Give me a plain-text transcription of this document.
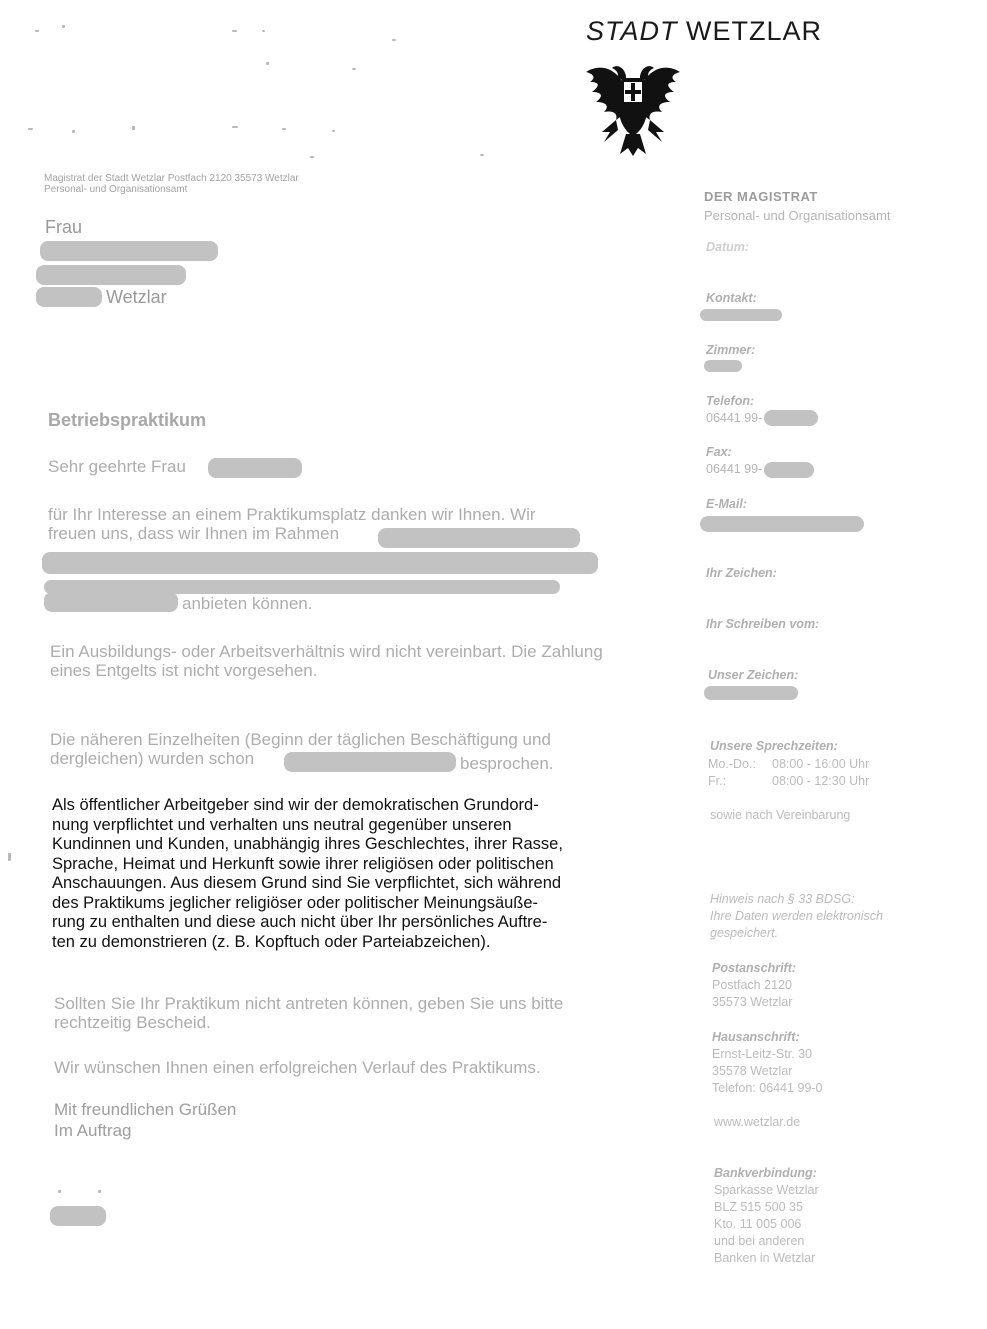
STADT WETZLAR
Magistrat der Stadt Wetzlar Postfach 2120 35573 Wetzlar
Personal- und Organisationsamt
Frau
Wetzlar
Betriebspraktikum
Sehr geehrte Frau
für Ihr Interesse an einem Praktikumsplatz danken wir Ihnen. Wir
freuen uns, dass wir Ihnen im Rahmen
anbieten können.
Ein Ausbildungs- oder Arbeitsverhältnis wird nicht vereinbart. Die Zahlung eines Entgelts ist nicht vorgesehen.
Die näheren Einzelheiten (Beginn der täglichen Beschäftigung und
dergleichen) wurden schon	besprochen.
Als öffentlicher Arbeitgeber sind wir der demokratischen Grundord-
nung verpflichtet und verhalten uns neutral gegenüber unseren
Kundinnen und Kunden, unabhängig ihres Geschlechtes, ihrer Rasse,
Sprache, Heimat und Herkunft sowie ihrer religiösen oder politischen
Anschauungen. Aus diesem Grund sind Sie verpflichtet, sich während
des Praktikums jeglicher religiöser oder politischer Meinungsäuße-
rung zu enthalten und diese auch nicht über Ihr persönliches Auftre-
ten zu demonstrieren (z. B. Kopftuch oder Parteiabzeichen).
Sollten Sie Ihr Praktikum nicht antreten können, geben Sie uns bitte rechtzeitig Bescheid.
Wir wünschen Ihnen einen erfolgreichen Verlauf des Praktikums.
Mit freundlichen Grüßen
Im Auftrag
DER MAGISTRAT
Personal- und Organisationsamt
Datum:
Kontakt:
Zimmer:
Telefon:
06441 99-
Fax:
06441 99-
E-Mail:
Ihr Zeichen:
Ihr Schreiben vom:
Unser Zeichen:
Unsere Sprechzeiten:
Mo.-Do.: 08:00 - 16:00 Uhr
Fr.:	08:00 - 12:30 Uhr
sowie nach Vereinbarung
Hinweis nach § 33 BDSG:
Ihre Daten werden elektronisch
gespeichert.
Postanschrift:
Postfach 2120
35573 Wetzlar
Hausanschrift:
Ernst-Leitz-Str. 30
35578 Wetzlar
Telefon: 06441 99-0
www.wetzlar.de
Bankverbindung:
Sparkasse Wetzlar
BLZ 515 500 35
Kto. 11 005 006
und bei anderen
Banken in Wetzlar
